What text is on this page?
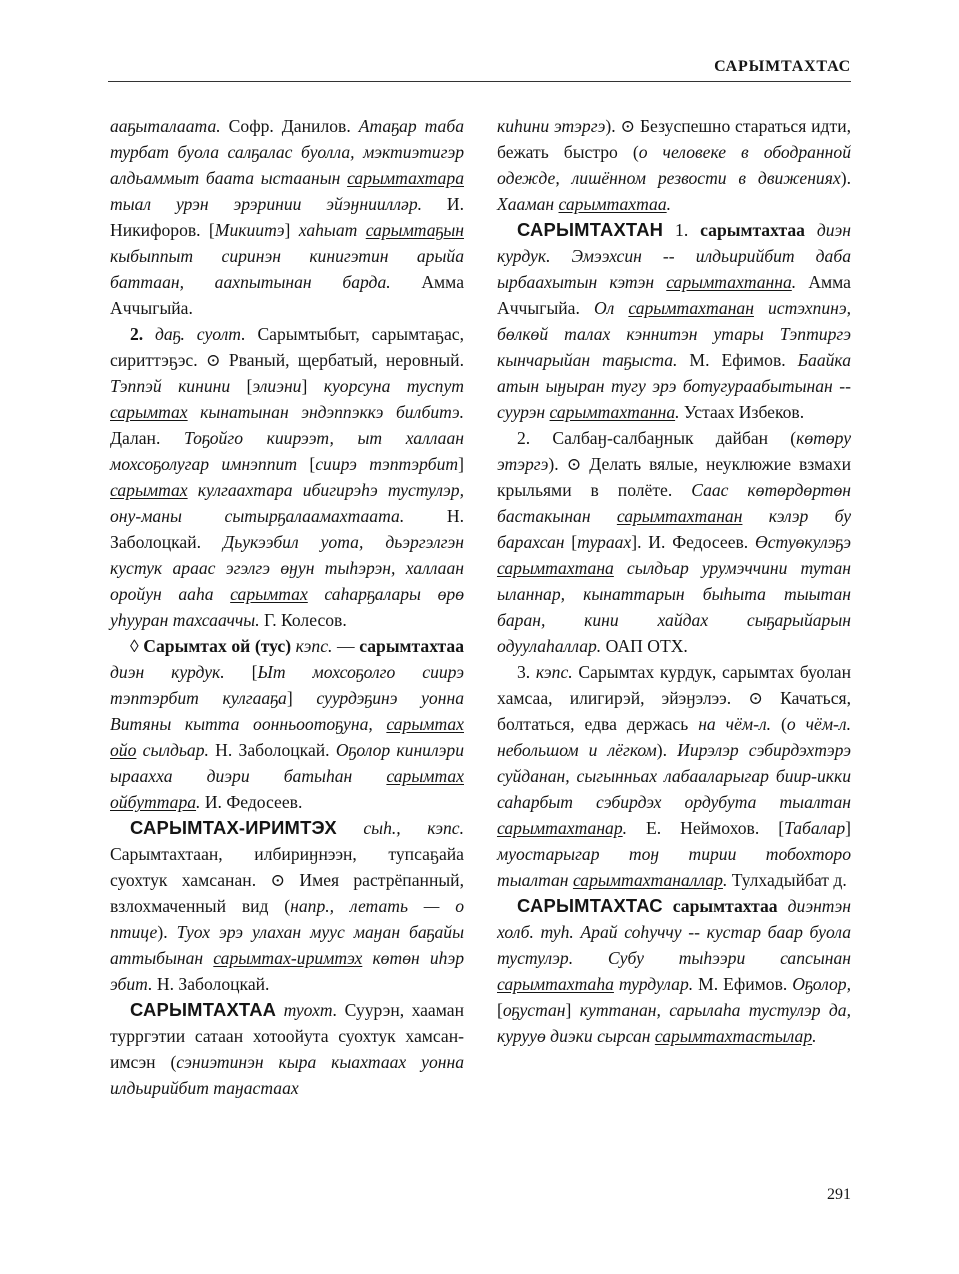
САРЫМТАХТАС

ааҕыталаата. Софр. Данилов. Атаҕар таба турбат буола салҕалас буолла, мэктиэтигэр алдьаммыт баата ыстаанын сарымтахтара тыал урэн эрэринии эйэӈниилләр. И. Никифоров. [Микиитэ] хаһыат сарымтаҕын кыбыппыт сиринэн кинигэтин арыйа баттаан, аахпытынан барда. Амма Аччыгыйа.

2. даҕ. суолт. Сарымтыбыт, сарымтаҕас, сириттэҕэс. ⊙ Рваный, щербатый, неровный. Тэппэй кинини [элиэни] куорсуна туспут сарымтах кынатынан эндэппэккэ билбитэ. Далан. Тоҕойго киирээт, ыт халлаан мохсоҕолугар имнэппит [сиирэ тэптэрбит] сарымтах кулгаахтара ибигирэһэ тустулэр, ону-маны сытырҕалаамахтаата. Н. Заболоцкай. Дьукээбил уота, дьэргэлгэн кустук араас эгэлгэ өӈун тыһэрэн, халлаан оройун ааһа сарымтах саһарҕалары өрө уһууран тахсааччы. Г. Колесов.

◊ Сарымтах ой (тус) кэпс. — сарымтахтаа диэн курдук. [Ыт мохсоҕолго сиирэ тэптэрбит кулгааҕа] суурдэҕинэ уонна Витяны кытта оонньоотоҕуна, сарымтах ойо сылдьар. Н. Заболоцкай. Оҕолор кинилэри ыраахха диэри батыһан сарымтах ойбуттара. И. Федосеев.

САРЫМТАХ-ИРИМТЭХ сыһ., кэпс. Сарымтахтаан, илбириӈнээн, тупсаҕайа суохтук хамсанан. ⊙ Имея растрёпанный, взлохмаченный вид (напр., летать — о птице). Туох эрэ улахан муус маӈан баҕайы аттыбынан сарымтах-иримтэх көтөн иһэр эбит. Н. Заболоцкай.

САРЫМТАХТАА туохт. Суурэн, хааман турргэтии сатаан хотоойута суохтук хамсан-имсэн (сэниэтинэн кыра кыахтаах уонна илдьирийбит таӈастаах

киһини этэргэ). ⊙ Безуспешно стараться идти, бежать быстро (о человеке в ободранной одежде, лишённом резвости в движениях). Хааман сарымтахтаа.

САРЫМТАХТАН 1. сарымтахтаа диэн курдук. Эмээхсин -- илдьирийбит даба ырбаахытын кэтэн сарымтахтанна. Амма Аччыгыйа. Ол сарымтахтанан истэхпинэ, бөлкөй талах кэннитэн утары Тэптиргэ кынчарыйан таҕыста. М. Ефимов. Баайка атын ыӈыран тугу эрэ ботугураабытынан -- суурэн сарымтахтанна. Устаах Избеков.

2. Салбаӈ-салбаӈнык дайбан (көтөру этэргэ). ⊙ Делать вялые, неуклюжие взмахи крыльями в полёте. Саас көтөрдөртөн бастакынан сарымтахтанан кэлэр бу барахсан [тураах]. И. Федосеев. Өстуөкулэҕэ сарымтахтана сылдьар урумэччини тутан ыланнар, кынаттарын быһыта тыытан баран, кини хайдах сыҕарыйарын одуулаһаллар. ОАП ОТХ.

3. кэпс. Сарымтах курдук, сарымтах буолан хамсаа, илигирэй, эйэӈэлээ. ⊙ Качаться, болтаться, едва держась на чём-л. (о чём-л. небольшом и лёгком). Иирэлэр сэбирдэхтэрэ суйданан, сыгынньах лабааларыгар биир-икки саһарбыт сэбирдэх ордубута тыалтан сарымтахтанар. Е. Неймохов. [Табалар] муостарыгар тоӈ тирии тобохторо тыалтан сарымтахтаналлар. Тулхадыйбат д.

САРЫМТАХТАС сарымтахтаа диэнтэн холб. туһ. Арай соһуччу -- кустар баар буола тустулэр. Субу тыһээри сапсынан сарымтахтаһа турдулар. М. Ефимов. Оҕолор, [оҕустан] куттанан, сарылаһа тустулэр да, курууө диэки сырсан сарымтахтастылар.

291
